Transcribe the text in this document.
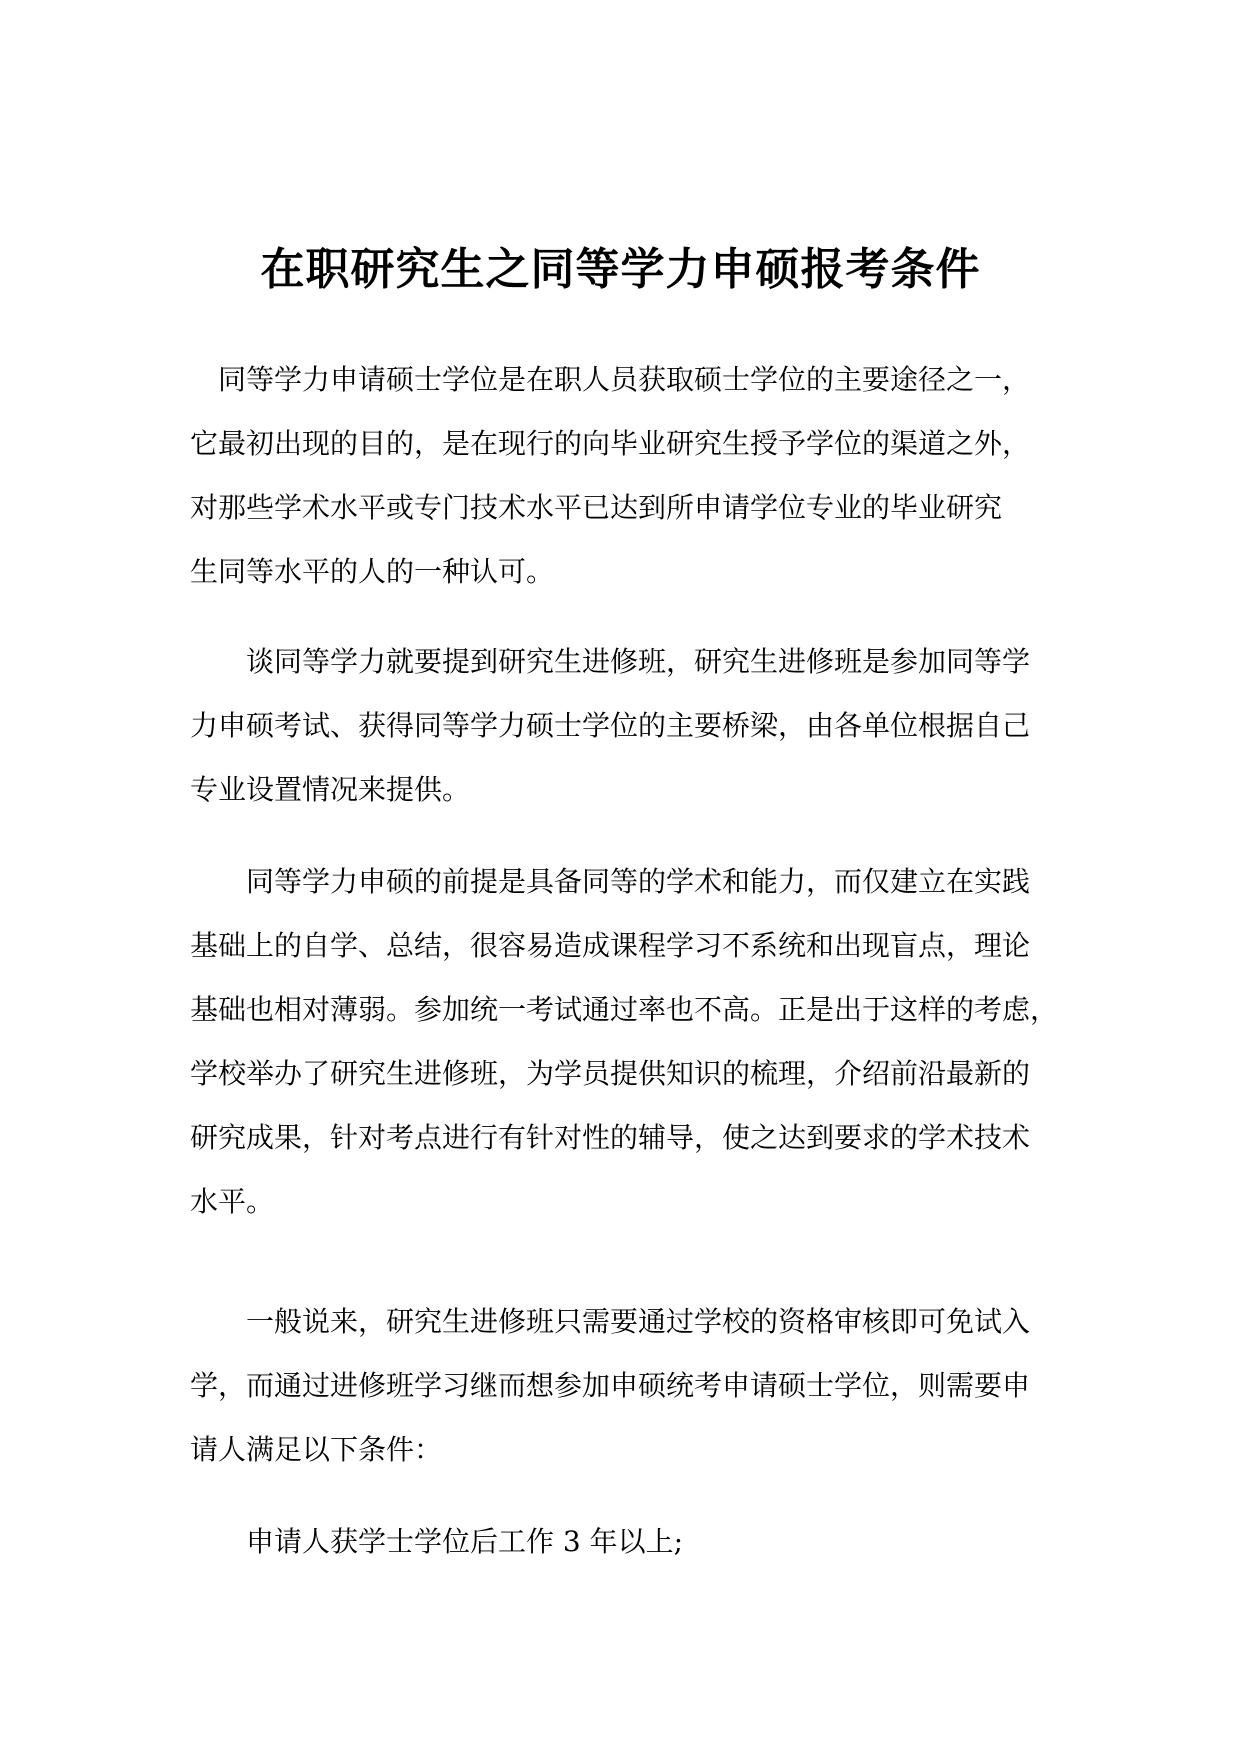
在职研究生之同等学力申硕报考条件

　同等学力申请硕士学位是在职人员获取硕士学位的主要途径之一，
它最初出现的目的，是在现行的向毕业研究生授予学位的渠道之外，
对那些学术水平或专门技术水平已达到所申请学位专业的毕业研究
生同等水平的人的一种认可。

　　谈同等学力就要提到研究生进修班，研究生进修班是参加同等学
力申硕考试、获得同等学力硕士学位的主要桥梁，由各单位根据自己
专业设置情况来提供。

　　同等学力申硕的前提是具备同等的学术和能力，而仅建立在实践
基础上的自学、总结，很容易造成课程学习不系统和出现盲点，理论
基础也相对薄弱。参加统一考试通过率也不高。正是出于这样的考虑，
学校举办了研究生进修班，为学员提供知识的梳理，介绍前沿最新的
研究成果，针对考点进行有针对性的辅导，使之达到要求的学术技术
水平。

　　一般说来，研究生进修班只需要通过学校的资格审核即可免试入
学，而通过进修班学习继而想参加申硕统考申请硕士学位，则需要申
请人满足以下条件：

　　申请人获学士学位后工作 3 年以上;
